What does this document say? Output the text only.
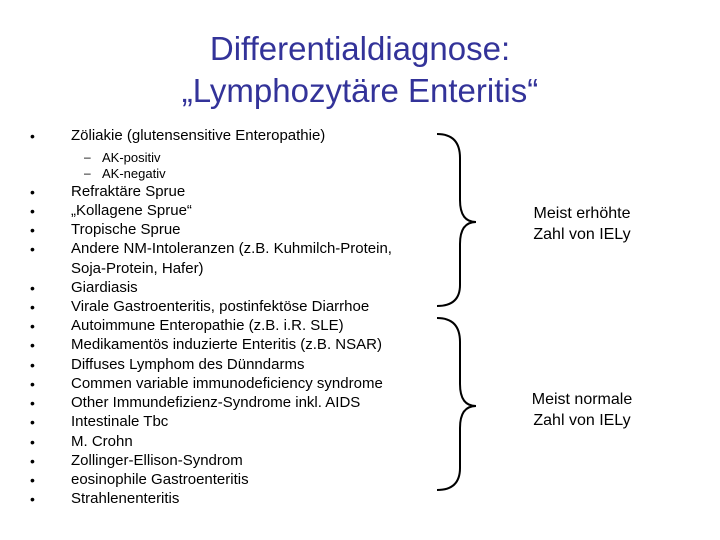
Differentialdiagnose:
„Lymphozytäre Enteritis“
• Zöliakie (glutensensitive Enteropathie)
– AK-positiv
– AK-negativ
• Refraktäre Sprue
• „Kollagene Sprue“
• Tropische Sprue
• Andere NM-Intoleranzen (z.B. Kuhmilch-Protein,
Soja-Protein, Hafer)
• Giardiasis
• Virale Gastroenteritis, postinfektöse Diarrhoe
• Autoimmune Enteropathie (z.B. i.R. SLE)
• Medikamentös induzierte Enteritis (z.B. NSAR)
• Diffuses Lymphom des Dünndarms
• Commen variable immunodeficiency syndrome
• Other Immundefizienz-Syndrome inkl. AIDS
• Intestinale Tbc
• M. Crohn
• Zollinger-Ellison-Syndrom
• eosinophile Gastroenteritis
• Strahlenenteritis
Meist erhöhte
Zahl von IELy
Meist normale
Zahl von IELy
